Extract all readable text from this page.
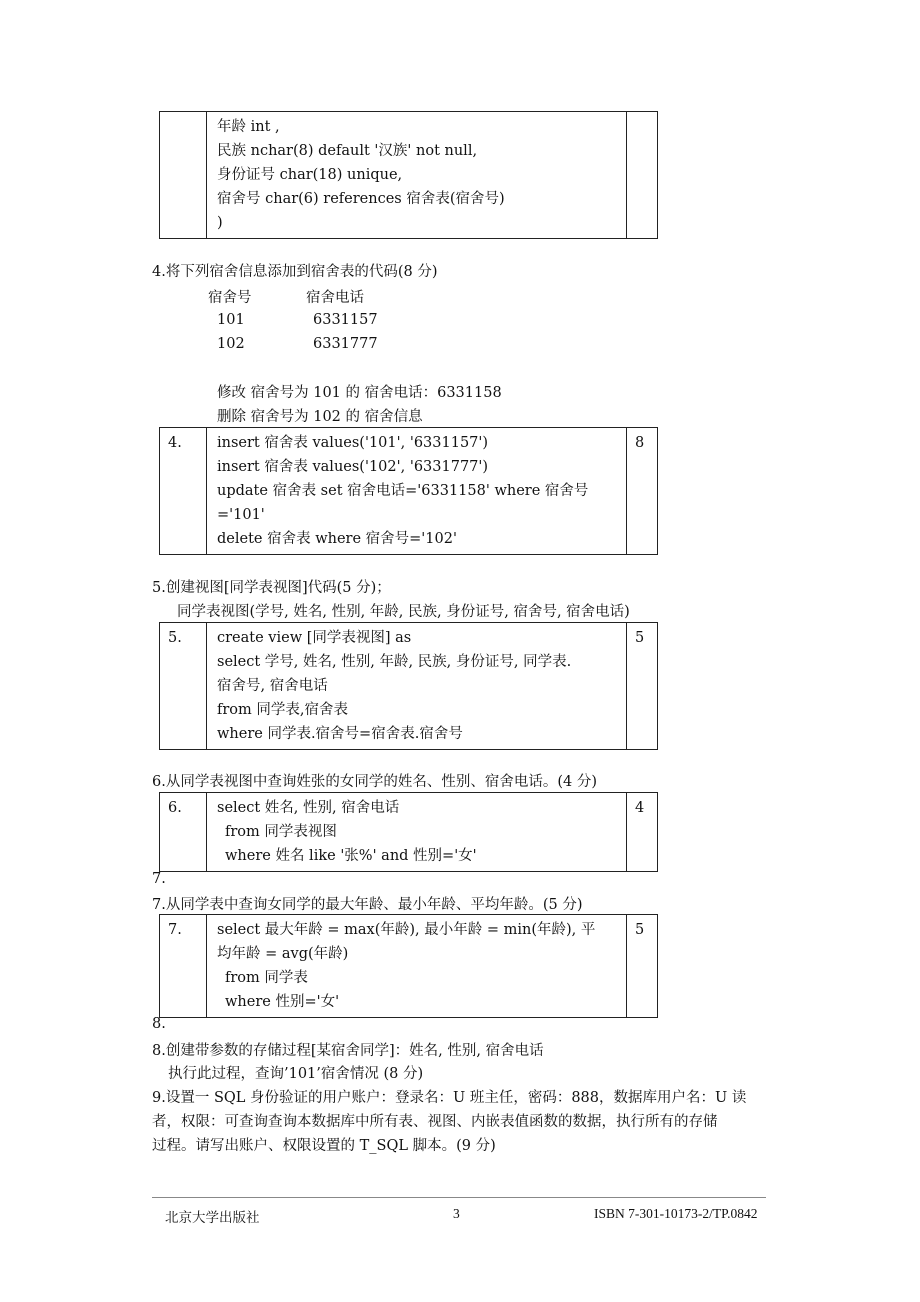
年龄 int ,
民族 nchar(8) default '汉族' not null,
身份证号 char(18) unique,
宿舍号 char(6) references 宿舍表(宿舍号)
)

4.将下列宿舍信息添加到宿舍表的代码(8 分)
宿舍号	宿舍电话
101	6331157
102	6331777
修改 宿舍号为 101 的 宿舍电话：6331158
删除 宿舍号为 102 的 宿舍信息
4.	insert 宿舍表 values('101', '6331157')
insert 宿舍表 values('102', '6331777')
update 宿舍表 set 宿舍电话='6331158' where 宿舍号
='101'
delete 宿舍表 where 宿舍号='102'
	8
5.创建视图[同学表视图]代码(5 分)；
同学表视图(学号, 姓名, 性别, 年龄, 民族, 身份证号, 宿舍号, 宿舍电话)
5.	create view [同学表视图] as
select 学号, 姓名, 性别, 年龄, 民族, 身份证号, 同学表.
宿舍号, 宿舍电话
from 同学表,宿舍表
where 同学表.宿舍号=宿舍表.宿舍号
	5
6.从同学表视图中查询姓张的女同学的姓名、性别、宿舍电话。(4 分)
6.	select 姓名, 性别, 宿舍电话
from 同学表视图
where 姓名 like '张%' and 性别='女'
	4
7.
7.从同学表中查询女同学的最大年龄、最小年龄、平均年龄。(5 分)
7.	select 最大年龄 = max(年龄), 最小年龄 = min(年龄), 平
均年龄 = avg(年龄)
from 同学表
where 性别='女'
	5
8.
8.创建带参数的存储过程[某宿舍同学]：姓名, 性别, 宿舍电话
执行此过程，查询’101’宿舍情况 (8 分)
9.设置一 SQL 身份验证的用户账户：登录名：U 班主任，密码：888，数据库用户名：U 读
者，权限：可查询查询本数据库中所有表、视图、内嵌表值函数的数据，执行所有的存储
过程。请写出账户、权限设置的 T_SQL 脚本。(9 分)
北京大学出版社	3	ISBN 7-301-10173-2/TP.0842
